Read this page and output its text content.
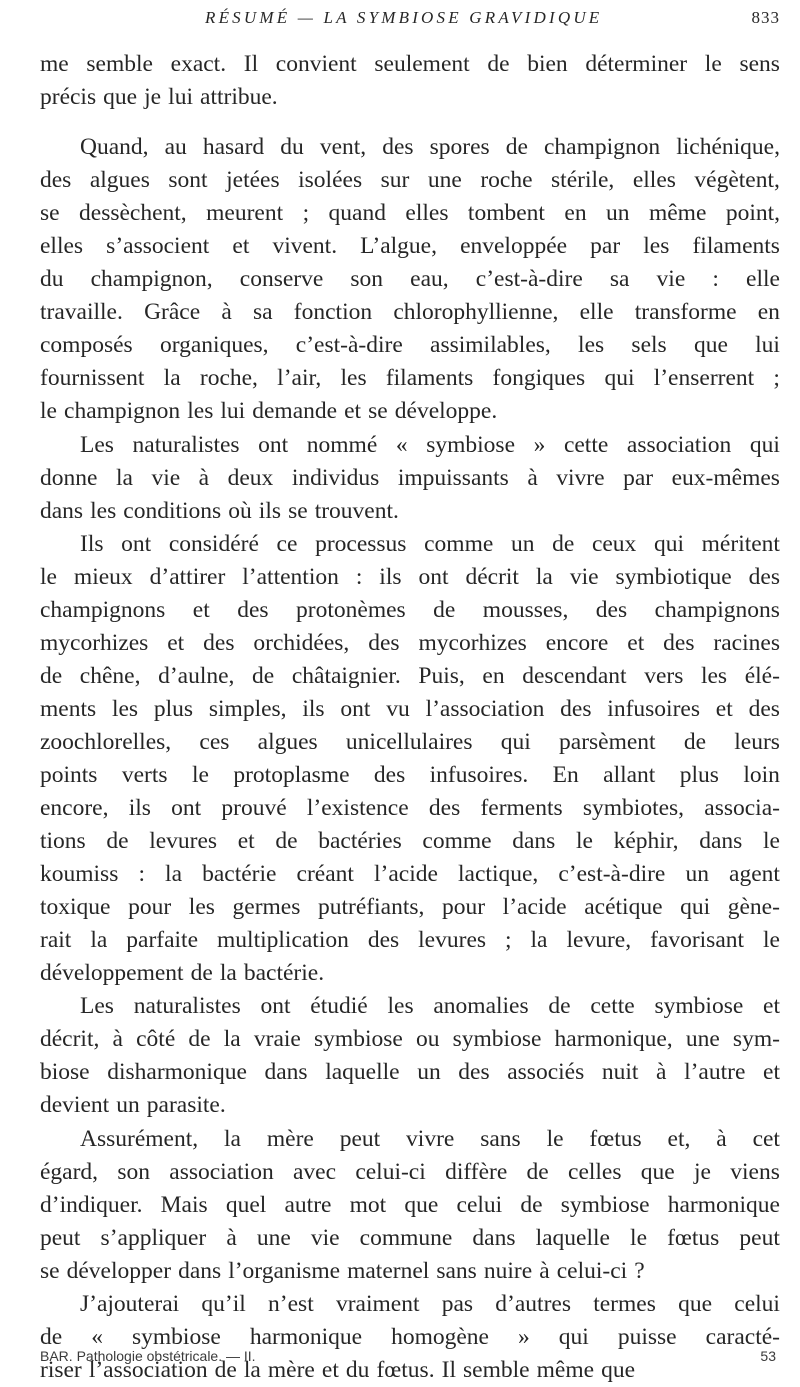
RÉSUMÉ — LA SYMBIOSE GRAVIDIQUE	833
me semble exact. Il convient seulement de bien déterminer le sens
précis que je lui attribue.
Quand, au hasard du vent, des spores de champignon lichénique,
des algues sont jetées isolées sur une roche stérile, elles végètent,
se dessèchent, meurent ; quand elles tombent en un même point,
elles s’associent et vivent. L’algue, enveloppée par les filaments
du champignon, conserve son eau, c’est-à-dire sa vie : elle
travaille. Grâce à sa fonction chlorophyllienne, elle transforme en
composés organiques, c’est-à-dire assimilables, les sels que lui
fournissent la roche, l’air, les filaments fongiques qui l’enserrent ;
le champignon les lui demande et se développe.
Les naturalistes ont nommé « symbiose » cette association qui
donne la vie à deux individus impuissants à vivre par eux-mêmes
dans les conditions où ils se trouvent.
Ils ont considéré ce processus comme un de ceux qui méritent
le mieux d’attirer l’attention : ils ont décrit la vie symbiotique des
champignons et des protonèmes de mousses, des champignons
mycorhizes et des orchidées, des mycorhizes encore et des racines
de chêne, d’aulne, de châtaignier. Puis, en descendant vers les élé-
ments les plus simples, ils ont vu l’association des infusoires et des
zoochlorelles, ces algues unicellulaires qui parsèment de leurs
points verts le protoplasme des infusoires. En allant plus loin
encore, ils ont prouvé l’existence des ferments symbiotes, associa-
tions de levures et de bactéries comme dans le képhir, dans le
koumiss : la bactérie créant l’acide lactique, c’est-à-dire un agent
toxique pour les germes putréfiants, pour l’acide acétique qui gène-
rait la parfaite multiplication des levures ; la levure, favorisant le
développement de la bactérie.
Les naturalistes ont étudié les anomalies de cette symbiose et
décrit, à côté de la vraie symbiose ou symbiose harmonique, une sym-
biose disharmonique dans laquelle un des associés nuit à l’autre et
devient un parasite.
Assurément, la mère peut vivre sans le fœtus et, à cet
égard, son association avec celui-ci diffère de celles que je viens
d’indiquer. Mais quel autre mot que celui de symbiose harmonique
peut s’appliquer à une vie commune dans laquelle le fœtus peut
se développer dans l’organisme maternel sans nuire à celui-ci ?
J’ajouterai qu’il n’est vraiment pas d’autres termes que celui
de « symbiose harmonique homogène » qui puisse caracté-
riser l’association de la mère et du fœtus. Il semble même que
BAR. Pathologie obstétricale. — II.	53
